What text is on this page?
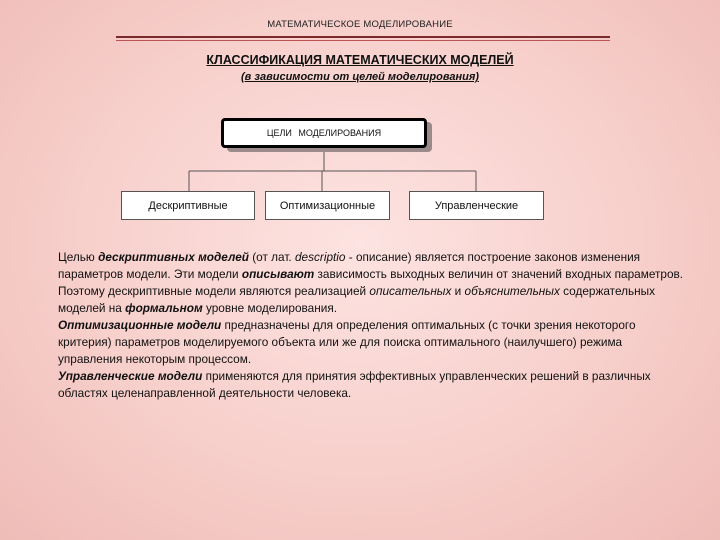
МАТЕМАТИЧЕСКОЕ МОДЕЛИРОВАНИЕ
КЛАССИФИКАЦИЯ МАТЕМАТИЧЕСКИХ МОДЕЛЕЙ
(в зависимости от целей моделирования)
ЦЕЛИ МОДЕЛИРОВАНИЯ
Дескриптивные	Оптимизационные	Управленческие

Целью дескриптивных моделей (от лат. descriptio - описание) является построение законов изменения параметров модели. Эти модели описывают зависимость выходных величин от значений входных параметров. Поэтому дескриптивные модели являются реализацией описательных и объяснительных содержательных моделей на формальном уровне моделирования.

Оптимизационные модели предназначены для определения оптимальных (с точки зрения некоторого критерия) параметров моделируемого объекта или же для поиска оптимального (наилучшего) режима управления некоторым процессом.

Управленческие модели применяются для принятия эффективных управленческих решений в различных областях целенаправленной деятельности человека.
